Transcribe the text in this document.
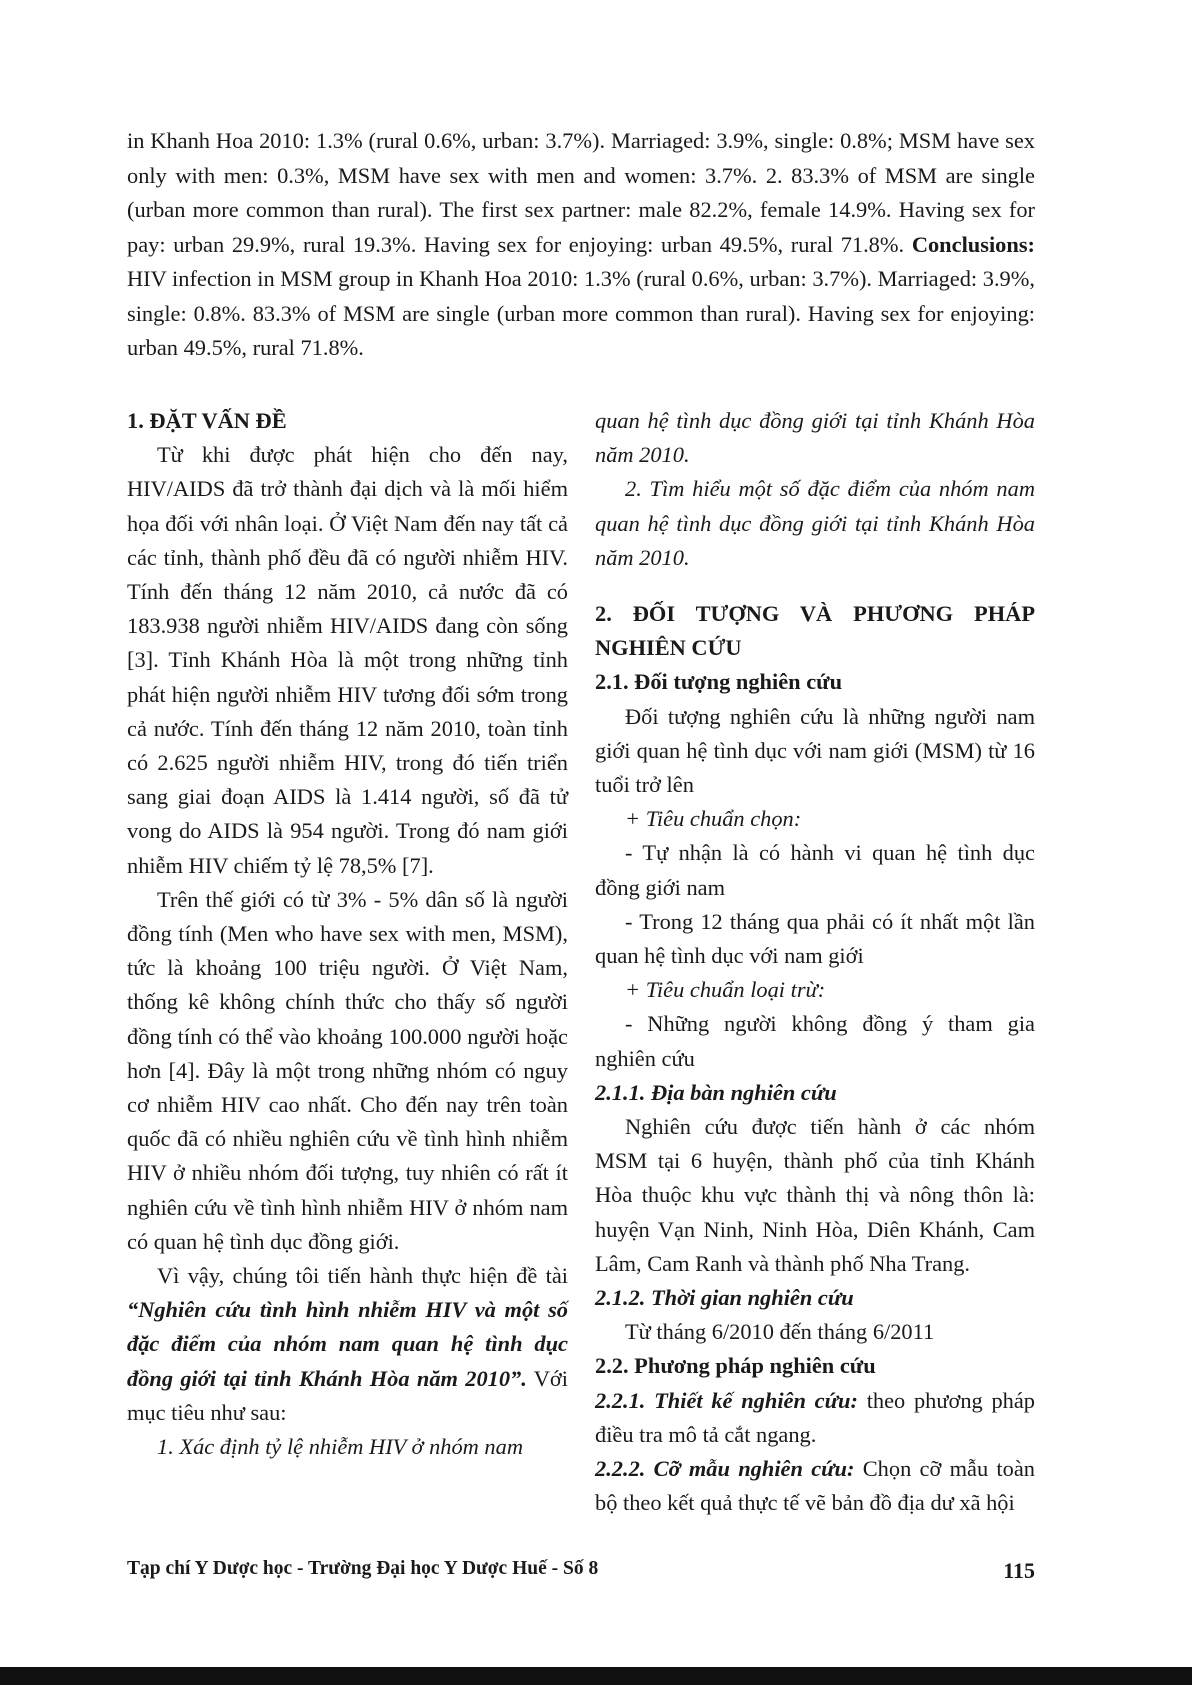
in Khanh Hoa 2010: 1.3% (rural 0.6%, urban: 3.7%). Marriaged: 3.9%, single: 0.8%; MSM have sex only with men: 0.3%, MSM have sex with men and women: 3.7%. 2. 83.3% of MSM are single (urban more common than rural). The first sex partner: male 82.2%, female 14.9%. Having sex for pay: urban 29.9%, rural 19.3%. Having sex for enjoying: urban 49.5%, rural 71.8%. Conclusions: HIV infection in MSM group in Khanh Hoa 2010: 1.3% (rural 0.6%, urban: 3.7%). Marriaged: 3.9%, single: 0.8%. 83.3% of MSM are single (urban more common than rural). Having sex for enjoying: urban 49.5%, rural 71.8%.

1. ĐẶT VẤN ĐỀ

Từ khi được phát hiện cho đến nay, HIV/AIDS đã trở thành đại dịch và là mối hiểm họa đối với nhân loại. Ở Việt Nam đến nay tất cả các tỉnh, thành phố đều đã có người nhiễm HIV. Tính đến tháng 12 năm 2010, cả nước đã có 183.938 người nhiễm HIV/AIDS đang còn sống [3]. Tỉnh Khánh Hòa là một trong những tỉnh phát hiện người nhiễm HIV tương đối sớm trong cả nước. Tính đến tháng 12 năm 2010, toàn tỉnh có 2.625 người nhiễm HIV, trong đó tiến triển sang giai đoạn AIDS là 1.414 người, số đã tử vong do AIDS là 954 người. Trong đó nam giới nhiễm HIV chiếm tỷ lệ 78,5% [7].

Trên thế giới có từ 3% - 5% dân số là người đồng tính (Men who have sex with men, MSM), tức là khoảng 100 triệu người. Ở Việt Nam, thống kê không chính thức cho thấy số người đồng tính có thể vào khoảng 100.000 người hoặc hơn [4]. Đây là một trong những nhóm có nguy cơ nhiễm HIV cao nhất. Cho đến nay trên toàn quốc đã có nhiều nghiên cứu về tình hình nhiễm HIV ở nhiều nhóm đối tượng, tuy nhiên có rất ít nghiên cứu về tình hình nhiễm HIV ở nhóm nam có quan hệ tình dục đồng giới.

Vì vậy, chúng tôi tiến hành thực hiện đề tài “Nghiên cứu tình hình nhiễm HIV và một số đặc điểm của nhóm nam quan hệ tình dục đồng giới tại tỉnh Khánh Hòa năm 2010”. Với mục tiêu như sau:

1. Xác định tỷ lệ nhiễm HIV ở nhóm nam

quan hệ tình dục đồng giới tại tỉnh Khánh Hòa năm 2010.

2. Tìm hiểu một số đặc điểm của nhóm nam quan hệ tình dục đồng giới tại tỉnh Khánh Hòa năm 2010.

2. ĐỐI TƯỢNG VÀ PHƯƠNG PHÁP NGHIÊN CỨU

2.1. Đối tượng nghiên cứu

Đối tượng nghiên cứu là những người nam giới quan hệ tình dục với nam giới (MSM) từ 16 tuổi trở lên

+ Tiêu chuẩn chọn:

- Tự nhận là có hành vi quan hệ tình dục đồng giới nam

- Trong 12 tháng qua phải có ít nhất một lần quan hệ tình dục với nam giới

+ Tiêu chuẩn loại trừ:

- Những người không đồng ý tham gia nghiên cứu

2.1.1. Địa bàn nghiên cứu

Nghiên cứu được tiến hành ở các nhóm MSM tại 6 huyện, thành phố của tỉnh Khánh Hòa thuộc khu vực thành thị và nông thôn là: huyện Vạn Ninh, Ninh Hòa, Diên Khánh, Cam Lâm, Cam Ranh và thành phố Nha Trang.

2.1.2. Thời gian nghiên cứu

Từ tháng 6/2010 đến tháng 6/2011

2.2. Phương pháp nghiên cứu

2.2.1. Thiết kế nghiên cứu: theo phương pháp điều tra mô tả cắt ngang.

2.2.2. Cỡ mẫu nghiên cứu: Chọn cỡ mẫu toàn bộ theo kết quả thực tế vẽ bản đồ địa dư xã hội

Tạp chí Y Dược học - Trường Đại học Y Dược Huế - Số 8	115
